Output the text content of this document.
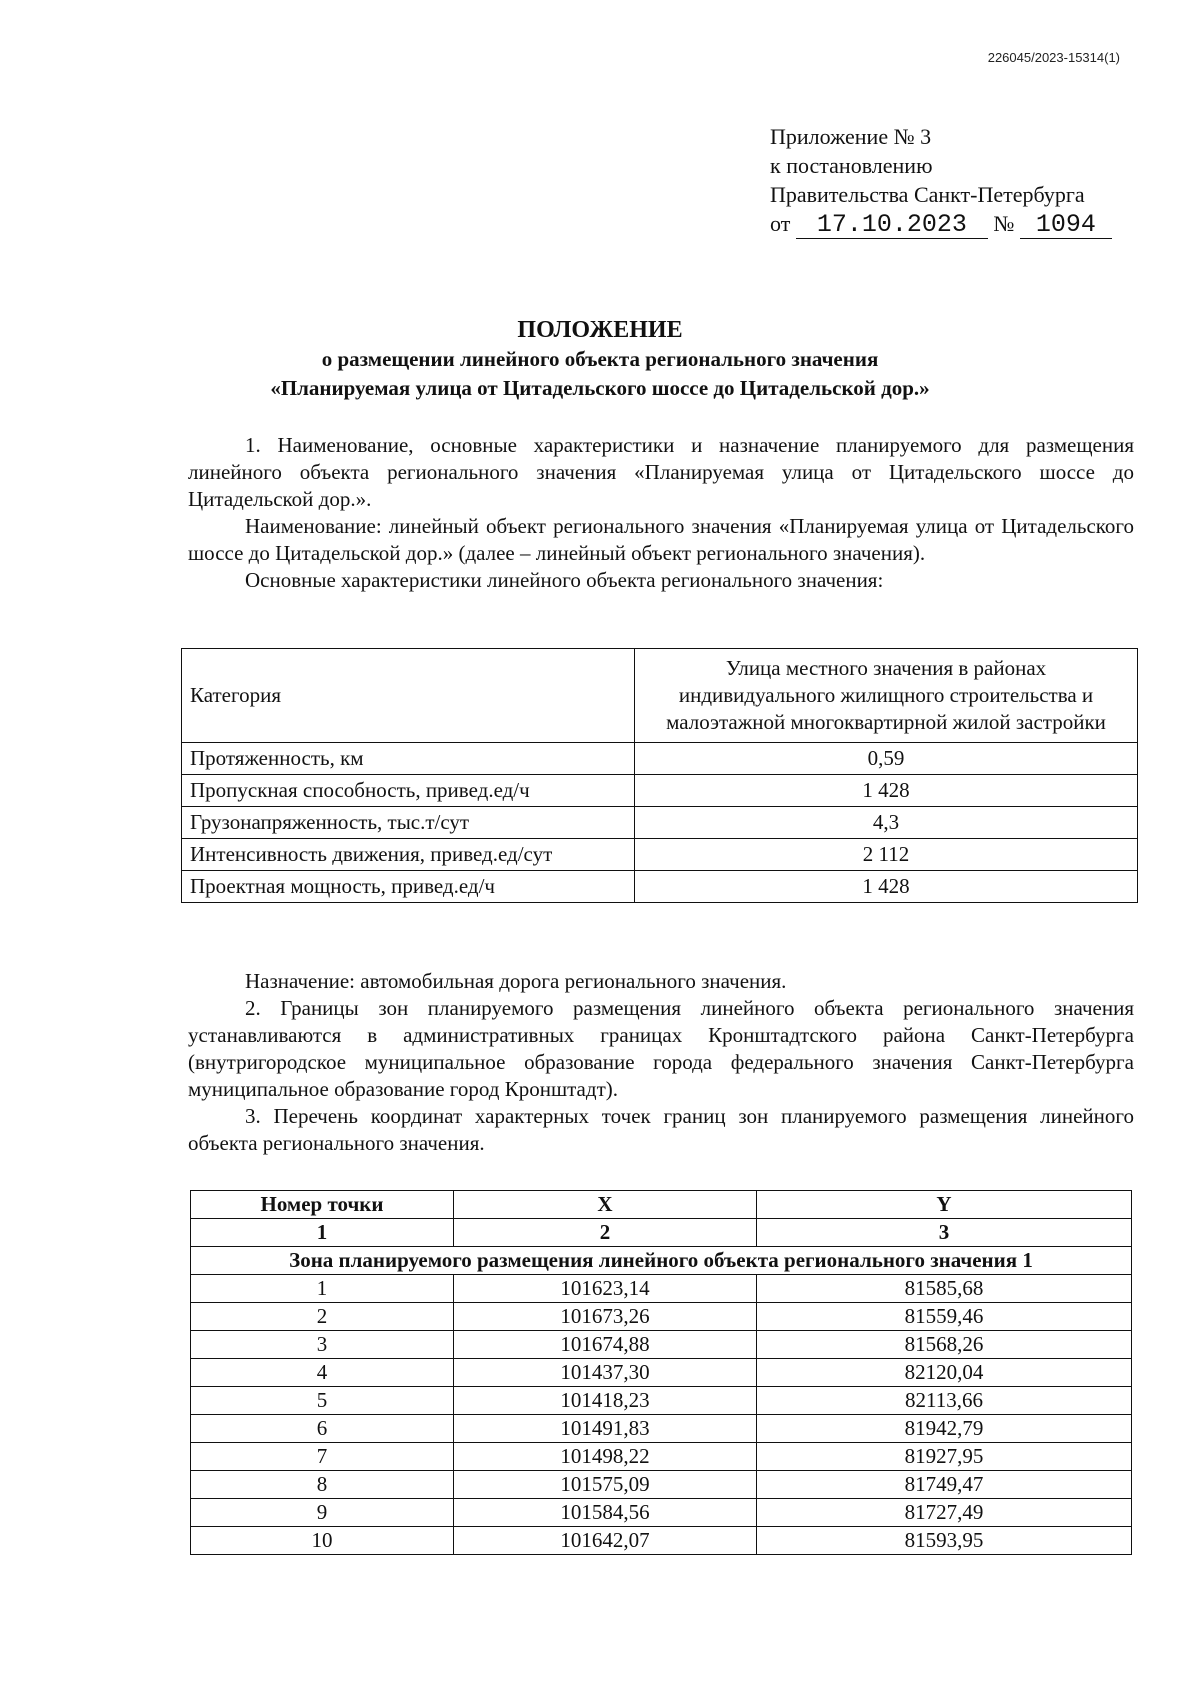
226045/2023-15314(1)
Приложение № 3
к постановлению
Правительства Санкт-Петербурга
от 17.10.2023 № 1094
ПОЛОЖЕНИЕ
о размещении линейного объекта регионального значения
«Планируемая улица от Цитадельского шоссе до Цитадельской дор.»

1. Наименование, основные характеристики и назначение планируемого для размещения линейного объекта регионального значения «Планируемая улица от Цитадельского шоссе до Цитадельской дор.».

Наименование: линейный объект регионального значения «Планируемая улица от Цитадельского шоссе до Цитадельской дор.» (далее – линейный объект регионального значения).

Основные характеристики линейного объекта регионального значения:

Категория	Улица местного значения в районах индивидуального жилищного строительства и малоэтажной многоквартирной жилой застройки
Протяженность, км	0,59
Пропускная способность, привед.ед/ч	1 428
Грузонапряженность, тыс.т/сут	4,3
Интенсивность движения, привед.ед/сут	2 112
Проектная мощность, привед.ед/ч	1 428

Назначение: автомобильная дорога регионального значения.

2. Границы зон планируемого размещения линейного объекта регионального значения устанавливаются в административных границах Кронштадтского района Санкт-Петербурга (внутригородское муниципальное образование города федерального значения Санкт-Петербурга муниципальное образование город Кронштадт).

3. Перечень координат характерных точек границ зон планируемого размещения линейного объекта регионального значения.

Номер точки	X	Y
1	2	3
Зона планируемого размещения линейного объекта регионального значения 1		
1	101623,14	81585,68
2	101673,26	81559,46
3	101674,88	81568,26
4	101437,30	82120,04
5	101418,23	82113,66
6	101491,83	81942,79
7	101498,22	81927,95
8	101575,09	81749,47
9	101584,56	81727,49
10	101642,07	81593,95
